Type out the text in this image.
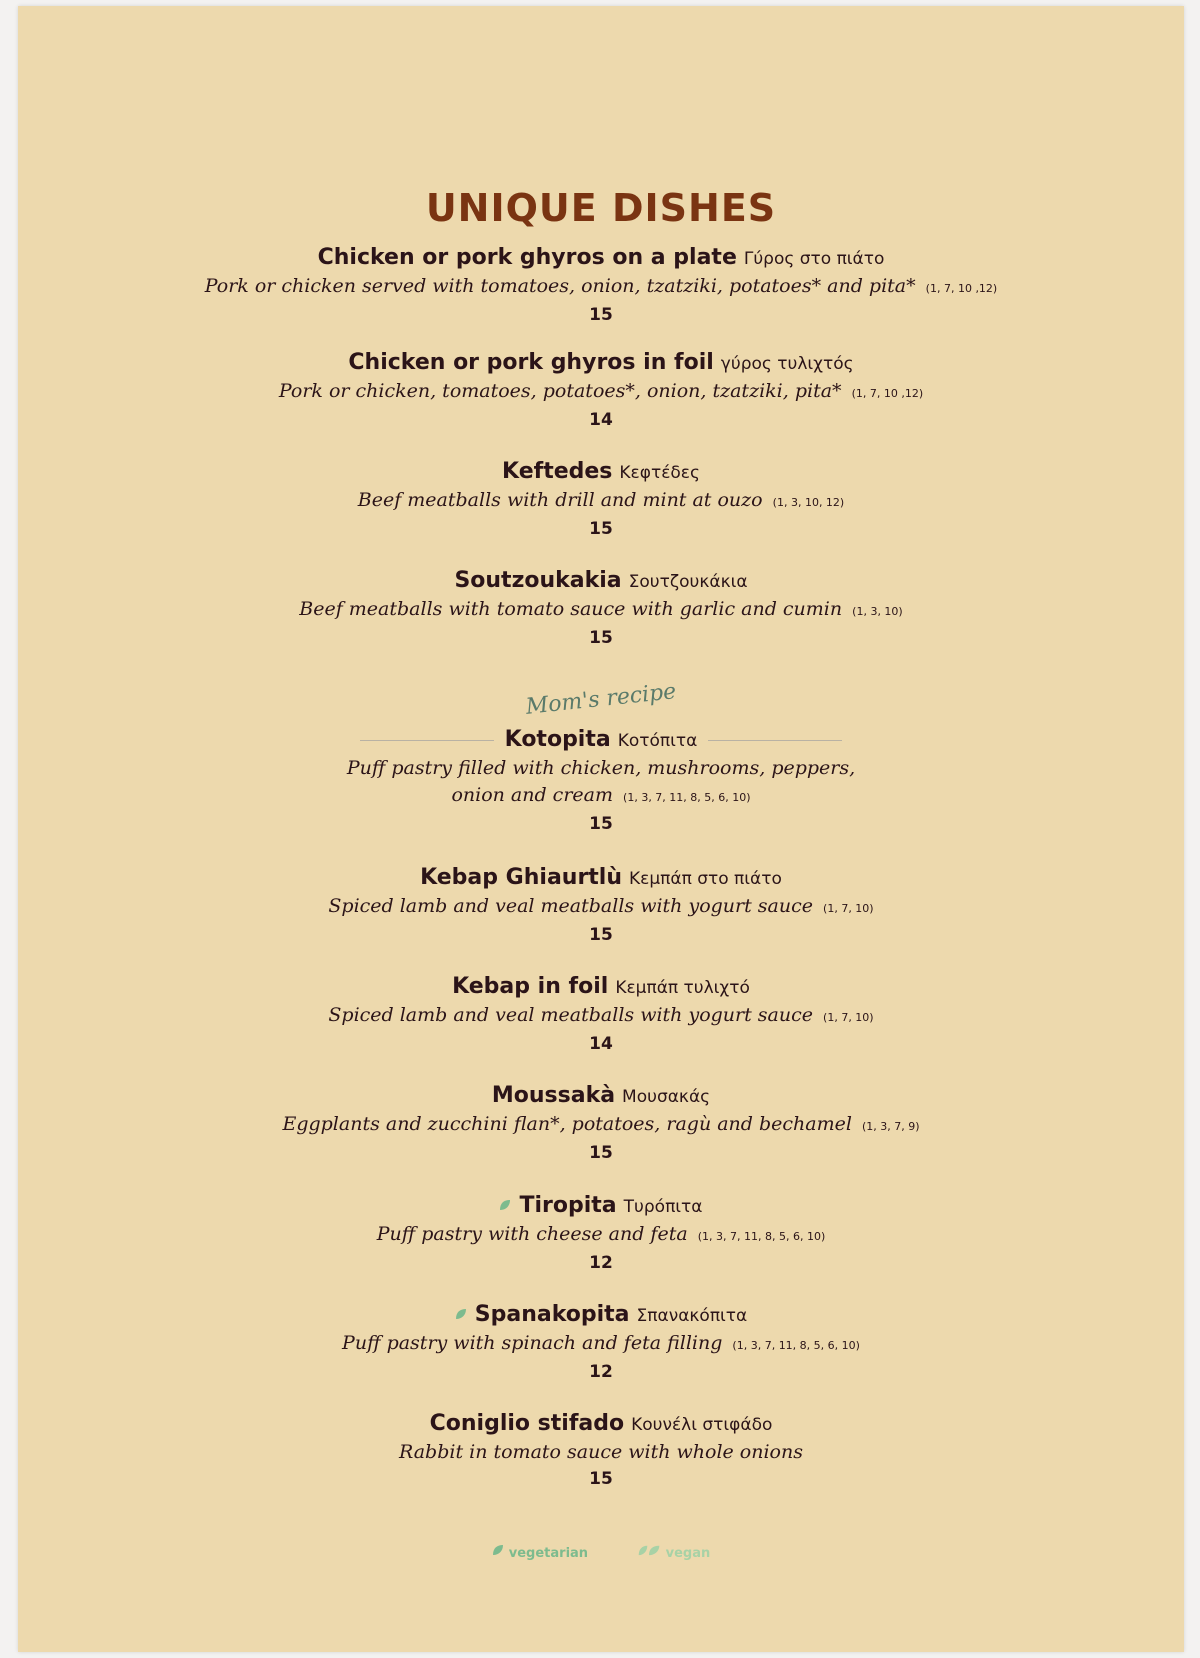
UNIQUE DISHES
Chicken or pork ghyros on a plate Γύρος στο πιάτο
Pork or chicken served with tomatoes, onion, tzatziki, potatoes* and pita* (1, 7, 10 ,12)
15
Chicken or pork ghyros in foil γύρος τυλιχτός
Pork or chicken, tomatoes, potatoes*, onion, tzatziki, pita* (1, 7, 10 ,12)
14
Keftedes Κεφτέδες
Beef meatballs with drill and mint at ouzo (1, 3, 10, 12)
15
Soutzoukakia Σουτζουκάκια
Beef meatballs with tomato sauce with garlic and cumin (1, 3, 10)
15
Mom's recipe
Kotopita Κοτόπιτα
Puff pastry filled with chicken, mushrooms, peppers,
onion and cream (1, 3, 7, 11, 8, 5, 6, 10)
15
Kebap Ghiaurtlù Κεμπάπ στο πιάτο
Spiced lamb and veal meatballs with yogurt sauce (1, 7, 10)
15
Kebap in foil Κεμπάπ τυλιχτό
Spiced lamb and veal meatballs with yogurt sauce (1, 7, 10)
14
Moussakà Μουσακάς
Eggplants and zucchini flan*, potatoes, ragù and bechamel (1, 3, 7, 9)
15
Tiropita Τυρόπιτα
Puff pastry with cheese and feta (1, 3, 7, 11, 8, 5, 6, 10)
12
Spanakopita Σπανακόπιτα
Puff pastry with spinach and feta filling (1, 3, 7, 11, 8, 5, 6, 10)
12
Coniglio stifado Κουνέλι στιφάδο
Rabbit in tomato sauce with whole onions
15
vegetarian	vegan
